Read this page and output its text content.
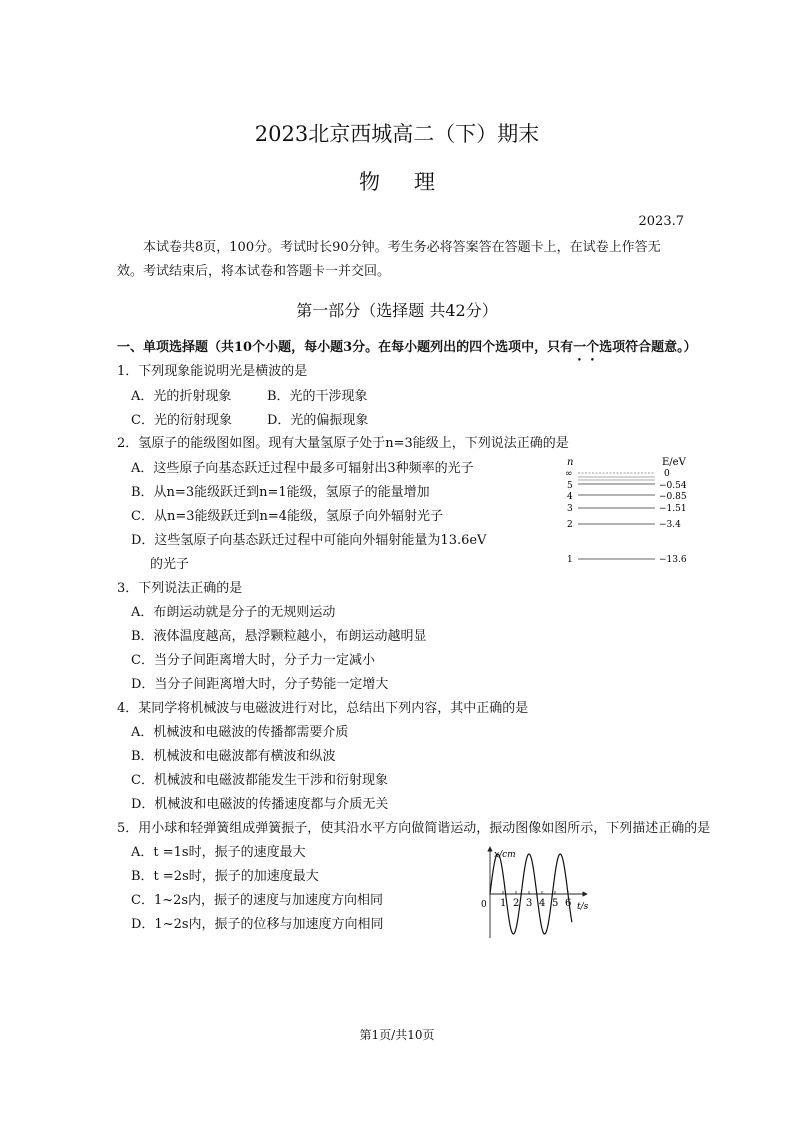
2023北京西城高二（下）期末
物理
2023.7
本试卷共8页，100分。考试时长90分钟。考生务必将答案答在答题卡上，在试卷上作答无效。考试结束后，将本试卷和答题卡一并交回。
第一部分（选择题 共42分）
一、单项选择题（共10个小题，每小题3分。在每小题列出的四个选项中，只有一个选项符合题意。）
1．下列现象能说明光是横波的是
A．光的折射现象	B．光的干涉现象
C．光的衍射现象	D．光的偏振现象
2．氢原子的能级图如图。现有大量氢原子处于n=3能级上，下列说法正确的是
A．这些原子向基态跃迁过程中最多可辐射出3种频率的光子
B．从n=3能级跃迁到n=1能级，氢原子的能量增加
C．从n=3能级跃迁到n=4能级，氢原子向外辐射光子
D．这些氢原子向基态跃迁过程中可能向外辐射能量为13.6eV
的光子
n	E/eV
∞	0
5	−0.54
4	−0.85
3	−1.51
2	−3.4
1	−13.6
3．下列说法正确的是
A．布朗运动就是分子的无规则运动
B．液体温度越高，悬浮颗粒越小，布朗运动越明显
C．当分子间距离增大时，分子力一定减小
D．当分子间距离增大时，分子势能一定增大
4．某同学将机械波与电磁波进行对比，总结出下列内容，其中正确的是
A．机械波和电磁波的传播都需要介质
B．机械波和电磁波都有横波和纵波
C．机械波和电磁波都能发生干涉和衍射现象
D．机械波和电磁波的传播速度都与介质无关
5．用小球和轻弹簧组成弹簧振子，使其沿水平方向做简谐运动，振动图像如图所示，下列描述正确的是
A．t =1s时，振子的速度最大
B．t =2s时，振子的加速度最大
C．1~2s内，振子的速度与加速度方向相同
D．1~2s内，振子的位移与加速度方向相同
x/cm
t/s
0 1 2 3 4 5 6
第1页/共10页
